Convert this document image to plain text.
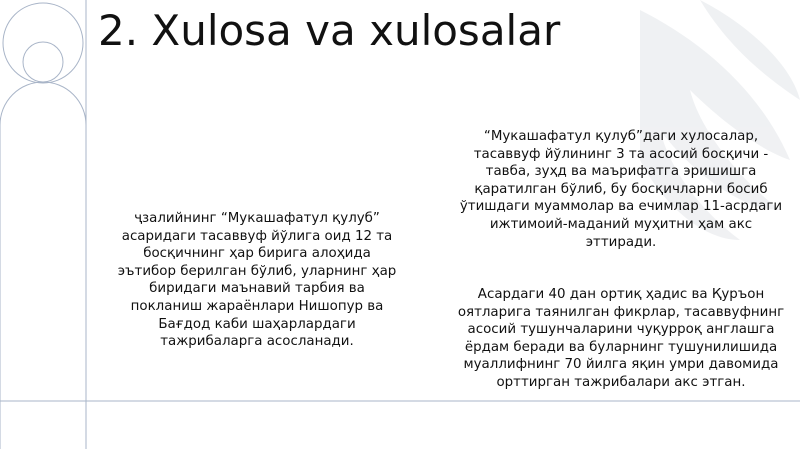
2. Xulosa va xulosalar

ҷзалийнинг “Мукашафатул қулуб”
асаридаги тасаввуф йўлига оид 12 та
босқичнинг ҳар бирига алоҳида
эътибор берилган бўлиб, уларнинг ҳар
биридаги маънавий тарбия ва
покланиш жараёнлари Нишопур ва
Бағдод каби шаҳарлардаги
тажрибаларга асосланади.

“Мукашафатул қулуб”даги хулосалар,
тасаввуф йўлининг 3 та асосий босқичи -
тавба, зуҳд ва маърифатга эришишга
қаратилган бўлиб, бу босқичларни босиб
ўтишдаги муаммолар ва ечимлар 11-асрдаги
ижтимоий-маданий муҳитни ҳам акс
эттиради.

Асардаги 40 дан ортиқ ҳадис ва Қуръон
оятларига таянилган фикрлар, тасаввуфнинг
асосий тушунчаларини чуқурроқ англашга
ёрдам беради ва буларнинг тушунилишида
муаллифнинг 70 йилга яқин умри давомида
орттирган тажрибалари акс этган.
